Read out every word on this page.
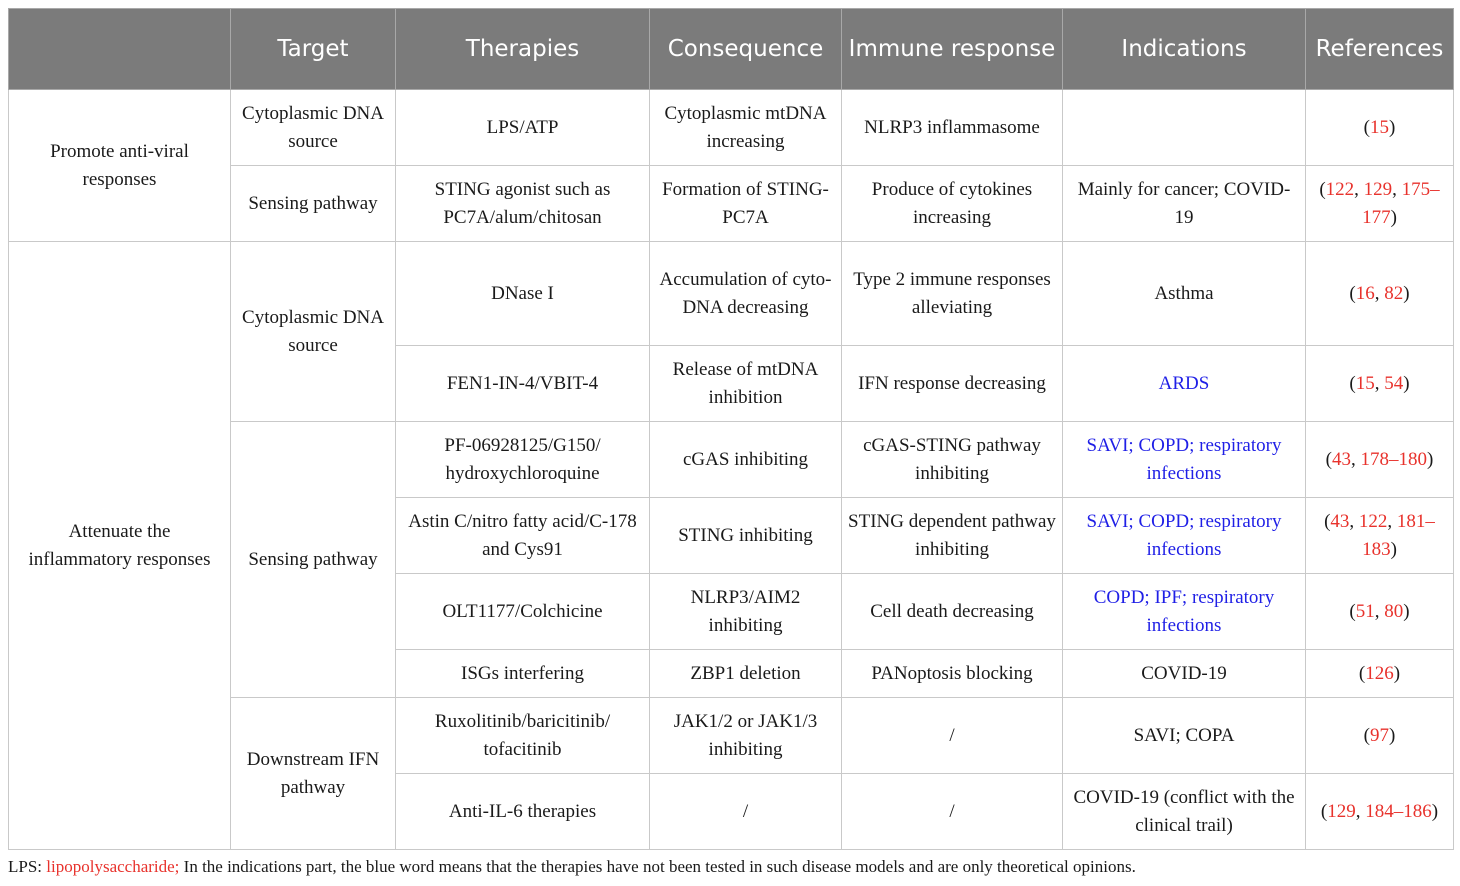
	Target	Therapies	Consequence	Immune response	Indications	References
Promote anti-viral responses	Cytoplasmic DNA source	LPS/ATP	Cytoplasmic mtDNA increasing	NLRP3 inflammasome		(15)
	Sensing pathway	STING agonist such as PC7A/alum/chitosan	Formation of STING-PC7A	Produce of cytokines increasing	Mainly for cancer; COVID-19	(122, 129, 175–177)
Attenuate the inflammatory responses	Cytoplasmic DNA source	DNase I	Accumulation of cyto-DNA decreasing	Type 2 immune responses alleviating	Asthma	(16, 82)
		FEN1-IN-4/VBIT-4	Release of mtDNA inhibition	IFN response decreasing	ARDS	(15, 54)
	Sensing pathway	PF-06928125/G150/ hydroxychloroquine	cGAS inhibiting	cGAS-STING pathway inhibiting	SAVI; COPD; respiratory infections	(43, 178–180)
		Astin C/nitro fatty acid/C-178 and Cys91	STING inhibiting	STING dependent pathway inhibiting	SAVI; COPD; respiratory infections	(43, 122, 181–183)
		OLT1177/Colchicine	NLRP3/AIM2 inhibiting	Cell death decreasing	COPD; IPF; respiratory infections	(51, 80)
		ISGs interfering	ZBP1 deletion	PANoptosis blocking	COVID-19	(126)
	Downstream IFN pathway	Ruxolitinib/baricitinib/ tofacitinib	JAK1/2 or JAK1/3 inhibiting	/	SAVI; COPA	(97)
		Anti-IL-6 therapies	/	/	COVID-19 (conflict with the clinical trail)	(129, 184–186)
LPS: lipopolysaccharide; In the indications part, the blue word means that the therapies have not been tested in such disease models and are only theoretical opinions.
